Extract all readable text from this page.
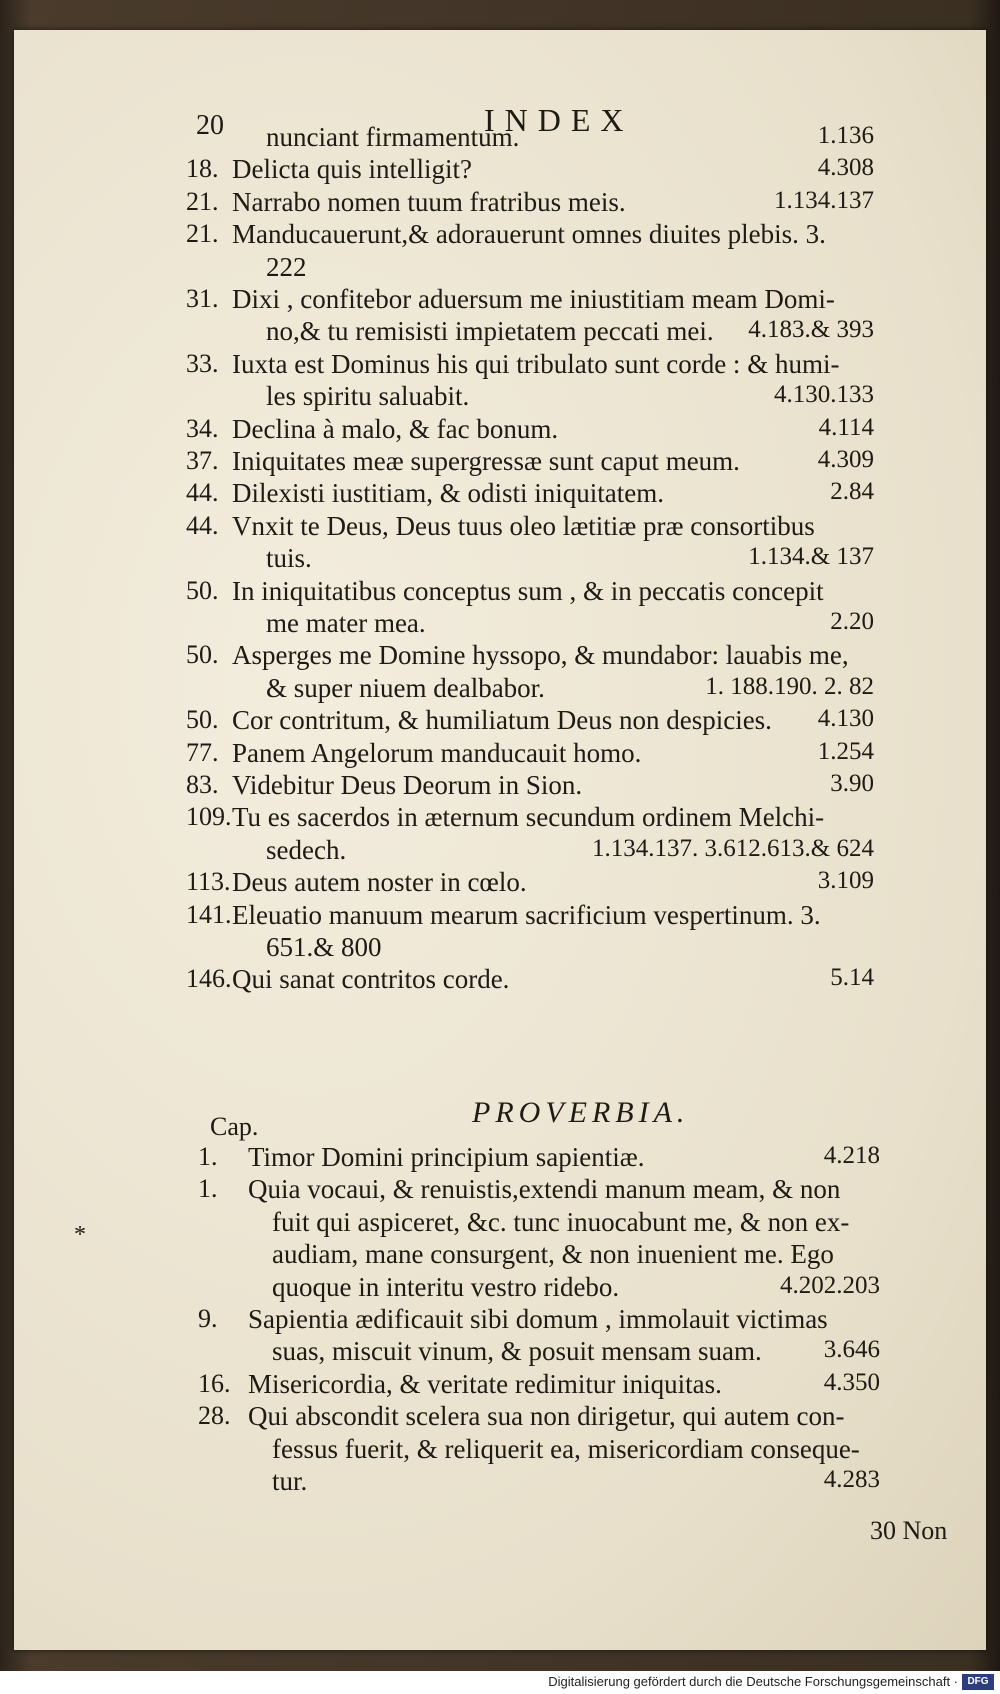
20	INDEX
nunciant firmamentum.	1.136
18. Delicta quis intelligit?	4.308
21. Narrabo nomen tuum fratribus meis.	1.134.137
21. Manducauerunt,& adorauerunt omnes diuites plebis. 3.
222
31. Dixi , confitebor aduersum me iniustitiam meam Domi-
no,& tu remisisti impietatem peccati mei. 4.183.& 393
33. Iuxta est Dominus his qui tribulato sunt corde : & humi-
les spiritu saluabit.	4.130.133
34. Declina à malo, & fac bonum.	4.114
37. Iniquitates meæ supergressæ sunt caput meum.	4.309
44. Dilexisti iustitiam, & odisti iniquitatem.	2.84
44. Vnxit te Deus, Deus tuus oleo lætitiæ præ consortibus
tuis.	1.134.& 137
50. In iniquitatibus conceptus sum , & in peccatis concepit
me mater mea.	2.20
50. Asperges me Domine hyssopo, & mundabor: lauabis me,
& super niuem dealbabor.	1. 188.190. 2. 82
50. Cor contritum, & humiliatum Deus non despicies. 4.130
77. Panem Angelorum manducauit homo.	1.254
83. Videbitur Deus Deorum in Sion.	3.90
109. Tu es sacerdos in æternum secundum ordinem Melchi-
sedech.	1.134.137. 3.612.613.& 624
113. Deus autem noster in cœlo.	3.109
141. Eleuatio manuum mearum sacrificium vespertinum. 3.
651.& 800
146. Qui sanat contritos corde.	5.14
Cap.	PROVERBIA.
1. Timor Domini principium sapientiæ.	4.218
1. Quia vocaui, & renuistis,extendi manum meam, & non
fuit qui aspiceret, &c. tunc inuocabunt me, & non ex-
audiam, mane consurgent, & non inuenient me. Ego
quoque in interitu vestro ridebo.	4.202.203
9. Sapientia ædificauit sibi domum , immolauit victimas
suas, miscuit vinum, & posuit mensam suam. 3.646
16. Misericordia, & veritate redimitur iniquitas.	4.350
28. Qui abscondit scelera sua non dirigetur, qui autem con-
fessus fuerit, & reliquerit ea, misericordiam conseque-
tur.	4.283
*
30 Non
Digitalisierung gefördert durch die Deutsche Forschungsgemeinschaft · DFG
